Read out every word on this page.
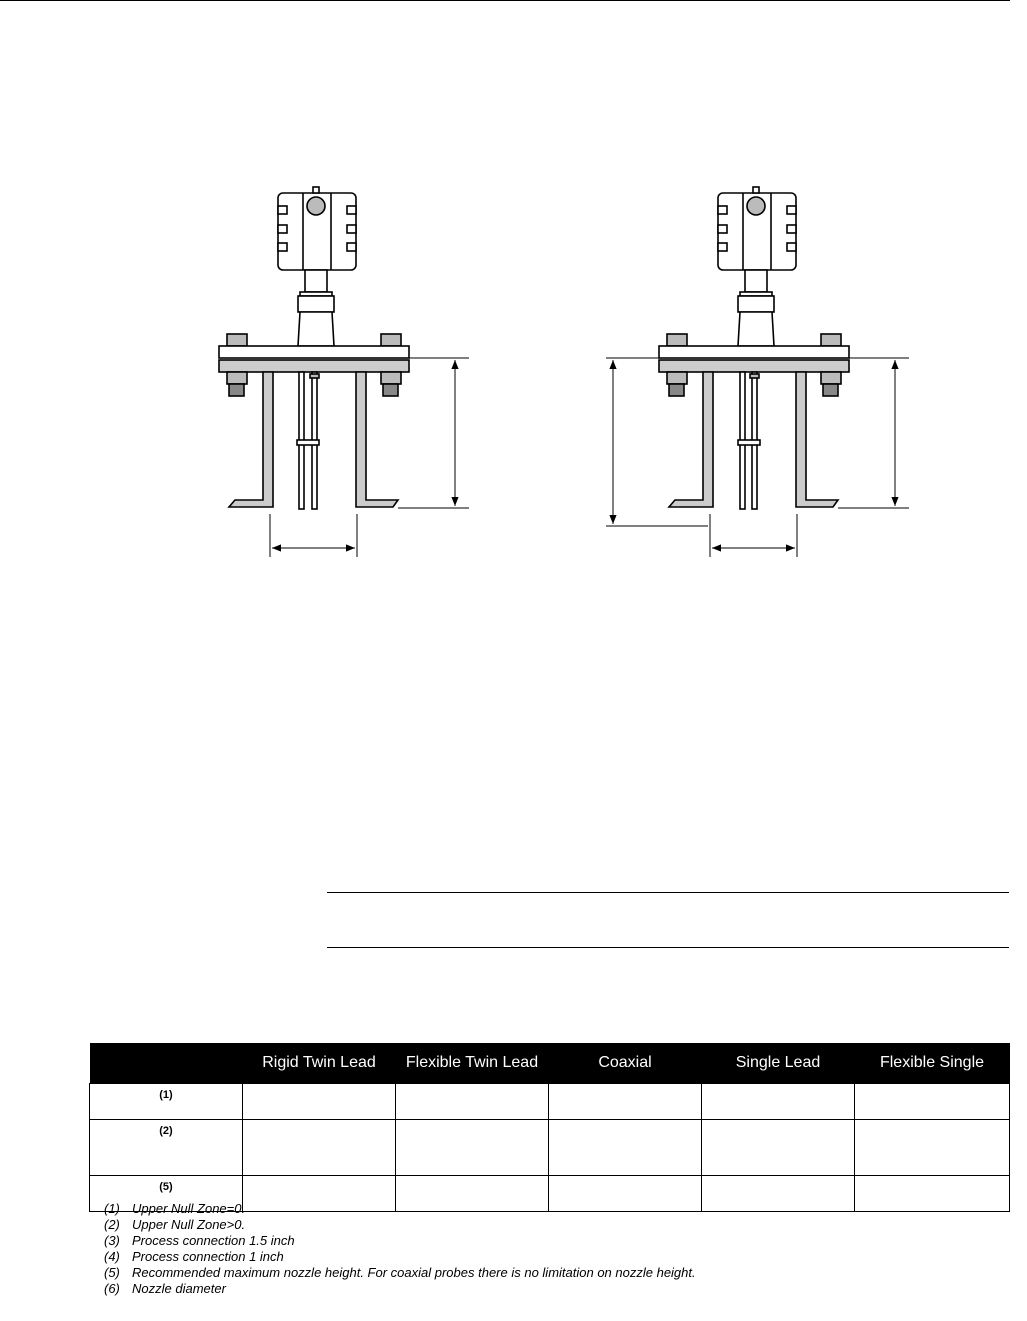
	Rigid Twin Lead	Flexible Twin Lead	Coaxial	Single Lead	Flexible Single
(1)					
(2)					
(5)					
(1) Upper Null Zone=0.
(2) Upper Null Zone>0.
(3) Process connection 1.5 inch
(4) Process connection 1 inch
(5) Recommended maximum nozzle height. For coaxial probes there is no limitation on nozzle height.
(6) Nozzle diameter
